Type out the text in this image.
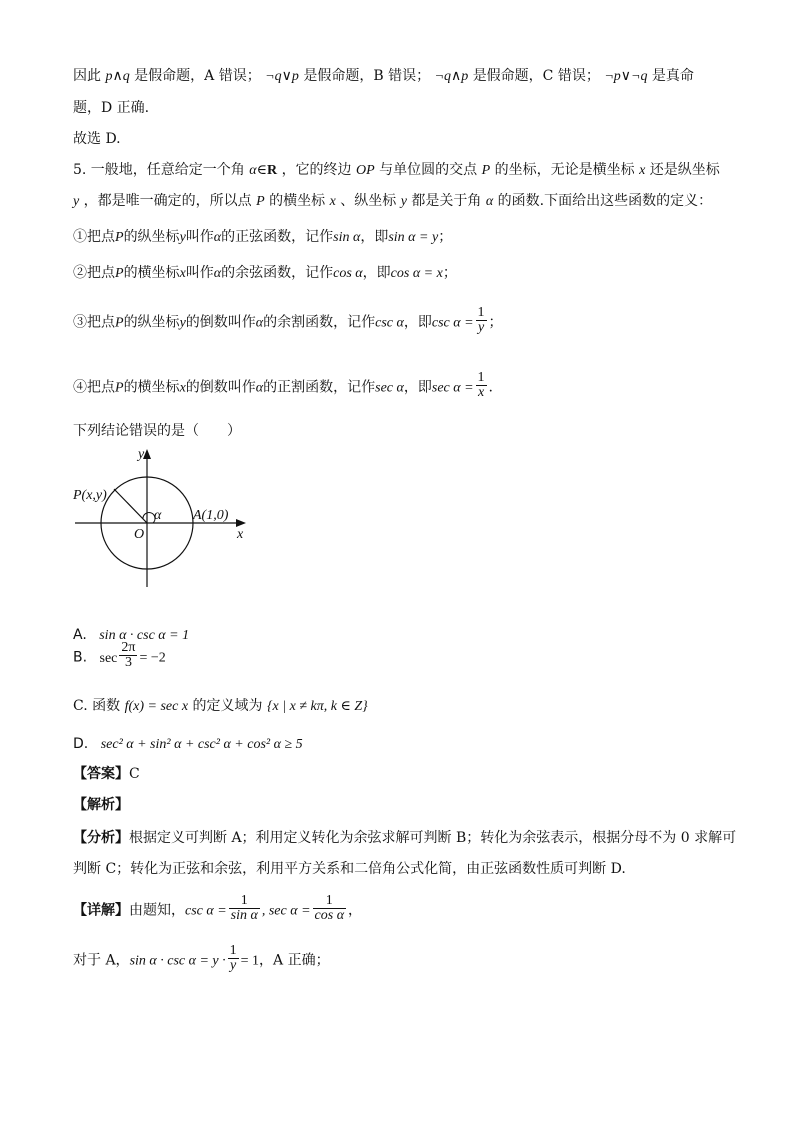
因此 p∧q 是假命题，A 错误； ¬q∨p 是假命题，B 错误； ¬q∧p 是假命题，C 错误； ¬p∨¬q 是真命
题，D 正确.
故选 D.
5. 一般地，任意给定一个角 α∈R ，它的终边 OP 与单位圆的交点 P 的坐标，无论是横坐标 x 还是纵坐标
y ，都是唯一确定的，所以点 P 的横坐标 x 、纵坐标 y 都是关于角 α 的函数.下面给出这些函数的定义：
①把点P的纵坐标y叫作α的正弦函数，记作sin α，即sin α = y；
②把点P的横坐标x叫作α的余弦函数，记作cos α，即cos α = x；
③把点P的纵坐标y的倒数叫作α的余割函数，记作csc α，即$\csc \alpha = \frac{1}{y}$ ；
④把点P的横坐标x的倒数叫作α的正割函数，记作sec α，即$\sec \alpha = \frac{1}{x}$ .
下列结论错误的是（　　）
y
x
P(x,y)
α A(1,0)
O
A. sin α · csc α = 1
B. $\sec \frac{2\pi}{3} = -2$
C. 函数 f(x) = sec x 的定义域为 {x | x ≠ kπ, k ∈ Z}
D. sec² α + sin² α + csc² α + cos² α ≥ 5
【答案】C
【解析】
【分析】根据定义可判断 A；利用定义转化为余弦求解可判断 B；转化为余弦表示，根据分母不为 0 求解可
判断 C；转化为正弦和余弦，利用平方关系和二倍角公式化简，由正弦函数性质可判断 D.
【详解】由题知，$\csc \alpha = \frac{1}{\text{sin α}}$ , $\sec \alpha = \frac{1}{\text{cos α}}$ ，
对于 A，$\sin \alpha \cdot \csc \alpha = y \cdot \frac{1}{y} = 1$，A 正确；
